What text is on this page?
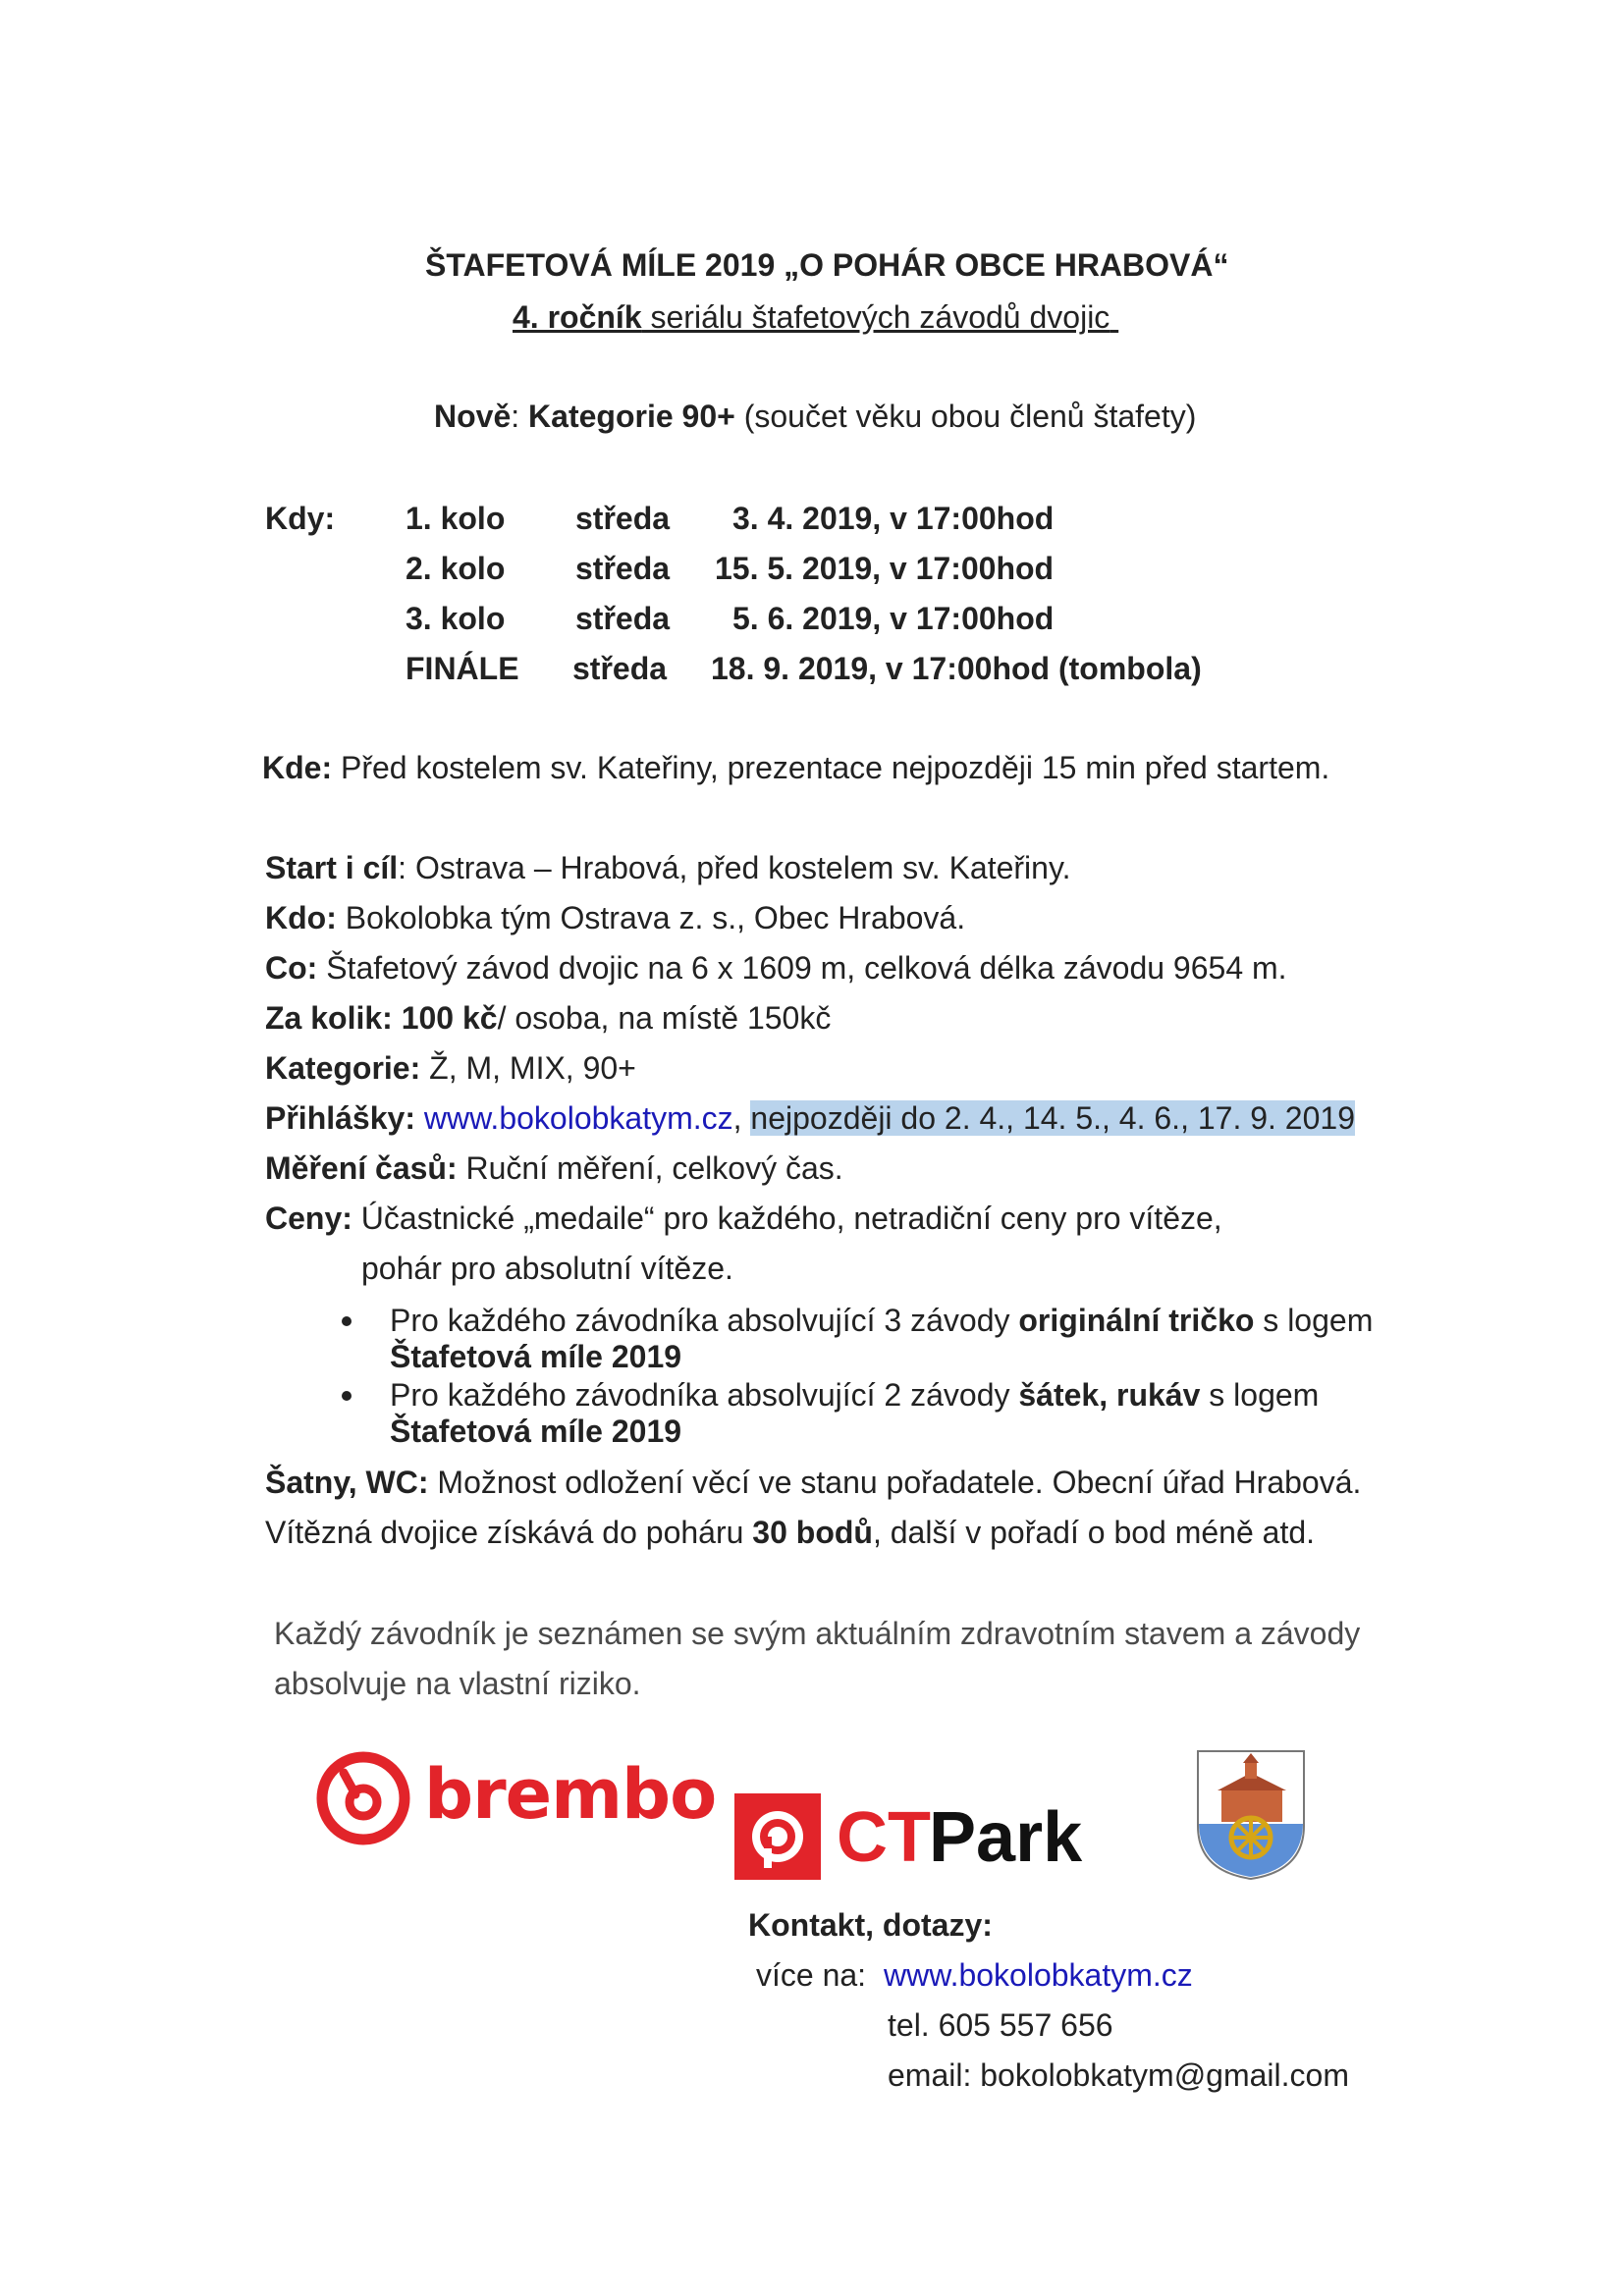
ŠTAFETOVÁ MÍLE 2019 „O POHÁR OBCE HRABOVÁ“
4. ročník seriálu štafetových závodů dvojic
Nově: Kategorie 90+ (součet věku obou členů štafety)
Kdy: 1. kolo středa 3. 4. 2019, v 17:00hod
2. kolo středa 15. 5. 2019, v 17:00hod
3. kolo středa 5. 6. 2019, v 17:00hod
FINÁLE středa 18. 9. 2019, v 17:00hod (tombola)
Kde: Před kostelem sv. Kateřiny, prezentace nejpozději 15 min před startem.
Start i cíl: Ostrava – Hrabová, před kostelem sv. Kateřiny.
Kdo: Bokolobka tým Ostrava z. s., Obec Hrabová.
Co: Štafetový závod dvojic na 6 x 1609 m, celková délka závodu 9654 m.
Za kolik: 100 kč/ osoba, na místě 150kč
Kategorie: Ž, M, MIX, 90+
Přihlášky: www.bokolobkatym.cz, nejpozději do 2. 4., 14. 5., 4. 6., 17. 9. 2019
Měření časů: Ruční měření, celkový čas.
Ceny: Účastnické „medaile“ pro každého, netradiční ceny pro vítěze,
pohár pro absolutní vítěze.
Pro každého závodníka absolvující 3 závody originální tričko s logem
Štafetová míle 2019
Pro každého závodníka absolvující 2 závody šátek, rukáv s logem
Štafetová míle 2019
Šatny, WC: Možnost odložení věcí ve stanu pořadatele. Obecní úřad Hrabová.
Vítězná dvojice získává do poháru 30 bodů, další v pořadí o bod méně atd.
Každý závodník je seznámen se svým aktuálním zdravotním stavem a závody
absolvuje na vlastní riziko.
brembo
CT
Park
Kontakt, dotazy:
více na: www.bokolobkatym.cz
tel. 605 557 656
email: bokolobkatym@gmail.com
